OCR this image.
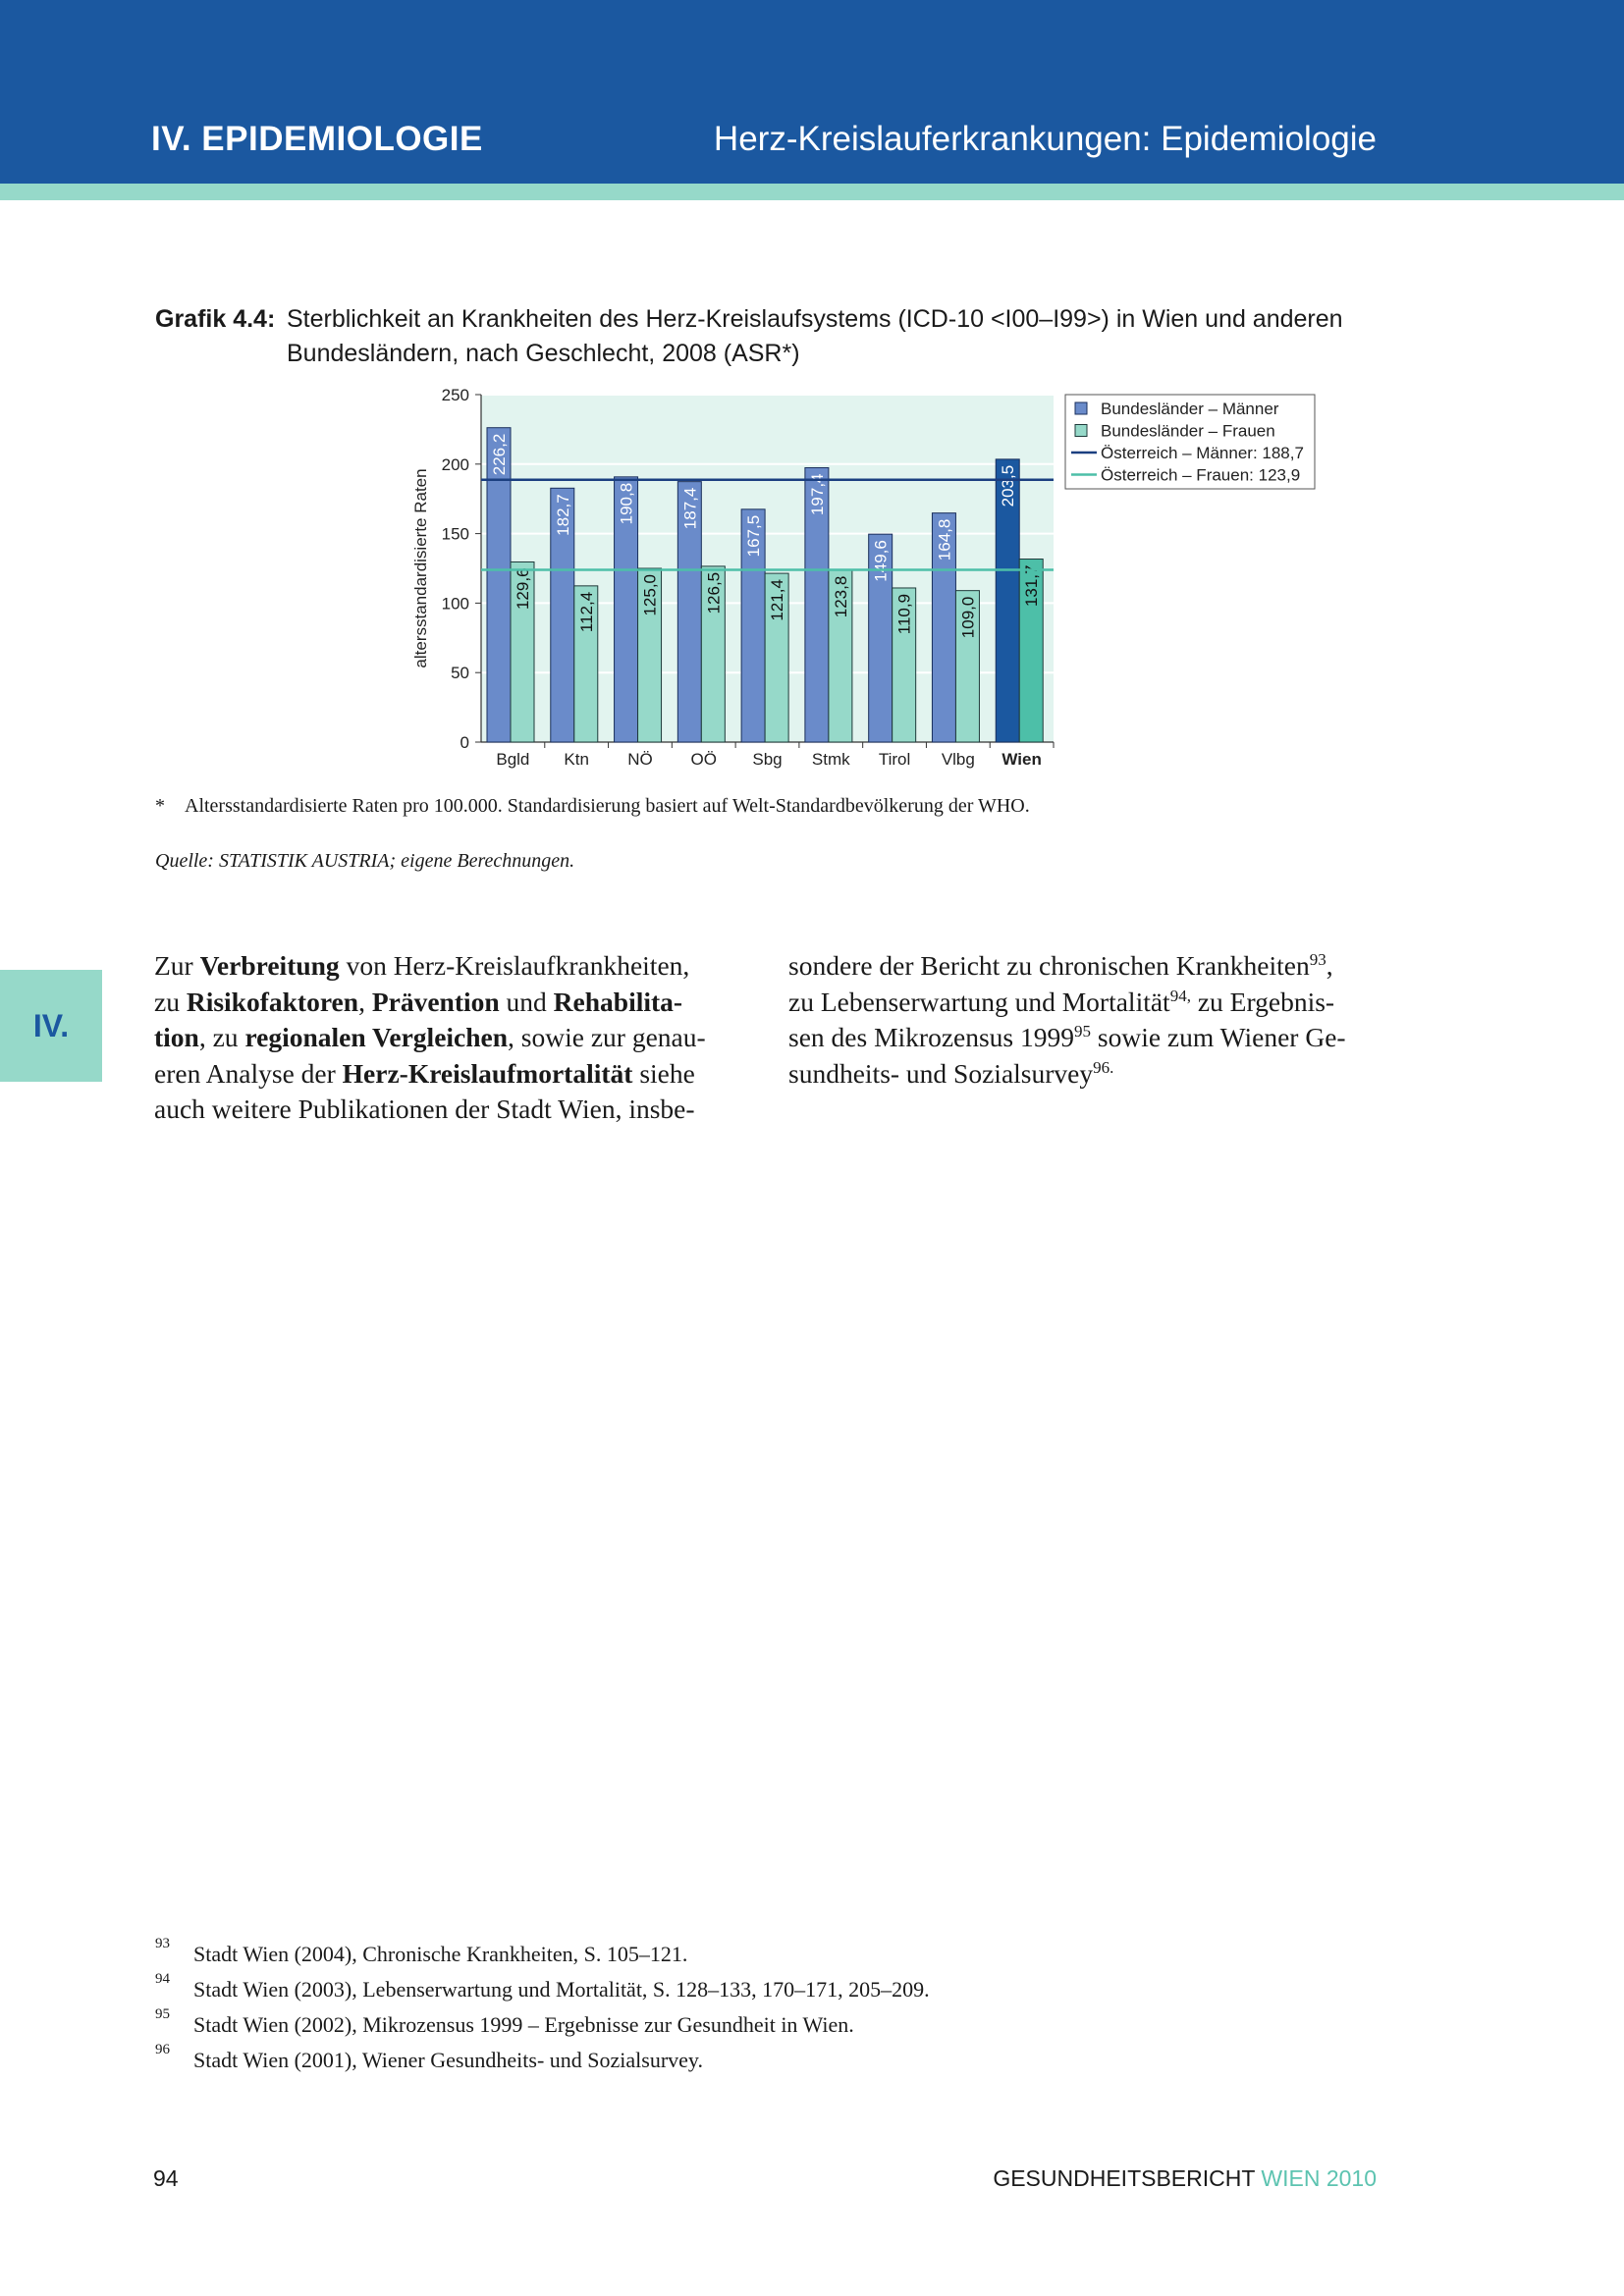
IV. EPIDEMIOLOGIE	Herz-Kreislauferkrankungen: Epidemiologie
Grafik 4.4: Sterblichkeit an Krankheiten des Herz-Kreislaufsystems (ICD-10 <I00–I99>) in Wien und anderen
Bundesländern, nach Geschlecht, 2008 (ASR*)
0
50
100
150
200
250
altersstandardisierte Raten
226,2
129,6
Bgld
182,7
112,4
Ktn
190,8
125,0
NÖ
187,4
126,5
OÖ
167,5
121,4
Sbg
197,4
123,8
Stmk
149,6
110,9
Tirol
164,8
109,0
Vlbg
203,5
131,7
Wien
Bundesländer – Männer
Bundesländer – Frauen
Österreich – Männer: 188,7
Österreich – Frauen: 123,9
* Altersstandardisierte Raten pro 100.000. Standardisierung basiert auf Welt-Standardbevölkerung der WHO.
Quelle: STATISTIK AUSTRIA; eigene Berechnungen.
IV.
Zur Verbreitung von Herz-Kreislaufkrankheiten,
zu Risikofaktoren, Prävention und Rehabilita-
tion, zu regionalen Vergleichen, sowie zur genau-
eren Analyse der Herz-Kreislaufmortalität siehe
auch weitere Publikationen der Stadt Wien, insbe-
sondere der Bericht zu chronischen Krankheiten$^{93}$,
zu Lebenserwartung und Mortalität$^{94,}$ zu Ergebnis-
sen des Mikrozensus 1999$^{95}$ sowie zum Wiener Ge-
sundheits- und Sozialsurvey$^{96.}$
93 Stadt Wien (2004), Chronische Krankheiten, S. 105–121.
94 Stadt Wien (2003), Lebenserwartung und Mortalität, S. 128–133, 170–171, 205–209.
95 Stadt Wien (2002), Mikrozensus 1999 – Ergebnisse zur Gesundheit in Wien.
96 Stadt Wien (2001), Wiener Gesundheits- und Sozialsurvey.
94	GESUNDHEITSBERICHT WIEN 2010
